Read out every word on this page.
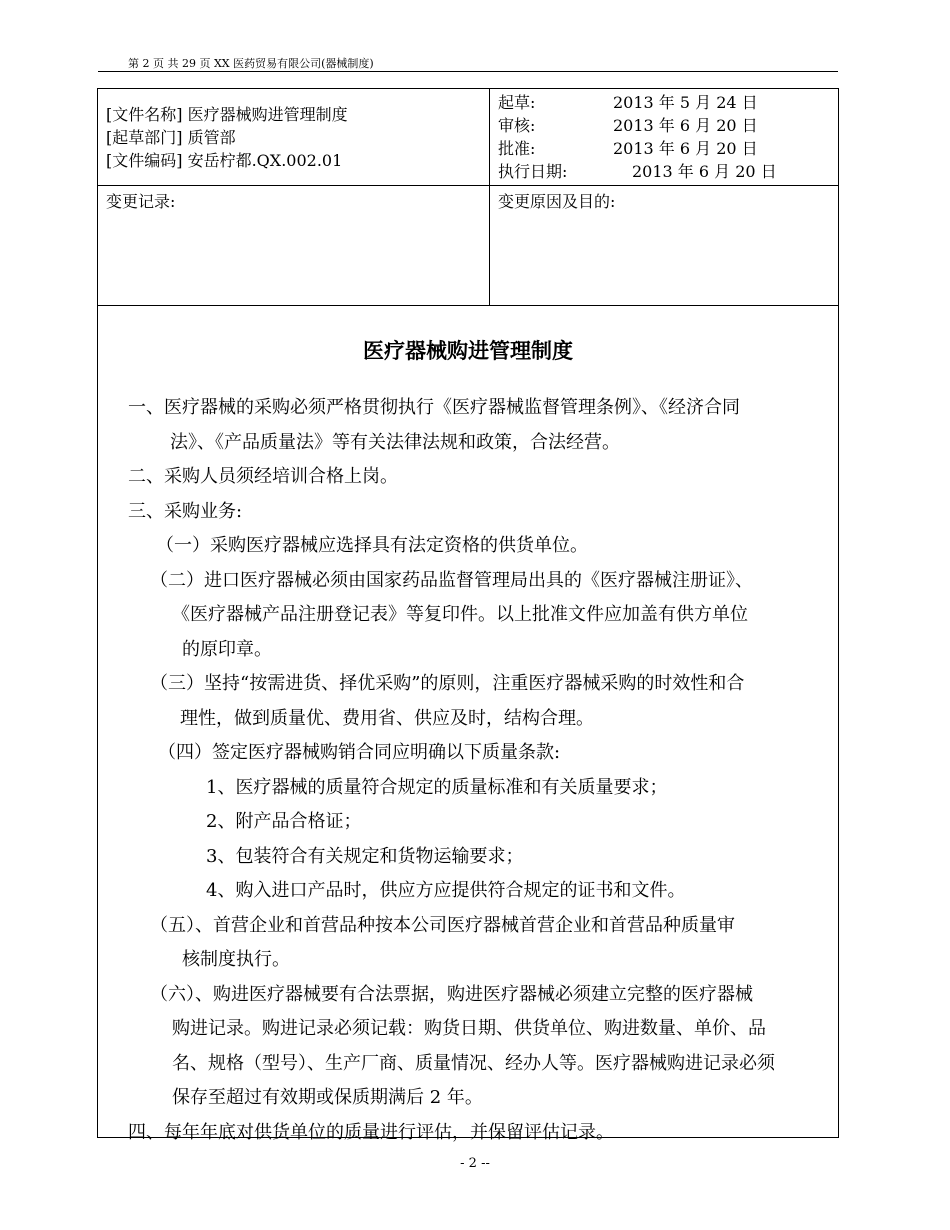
第 2 页 共 29 页 XX 医药贸易有限公司(器械制度)
[文件名称] 医疗器械购进管理制度
[起草部门] 质管部
[文件编码] 安岳柠都.QX.002.01
起草:	2013 年 5 月 24 日
审核:	2013 年 6 月 20 日
批准:	2013 年 6 月 20 日
执行日期:	2013 年 6 月 20 日
变更记录:	变更原因及目的:
医疗器械购进管理制度
一、医疗器械的采购必须严格贯彻执行《医疗器械监督管理条例》、《经济合同
法》、《产品质量法》等有关法律法规和政策，合法经营。
二、采购人员须经培训合格上岗。
三、采购业务:
（一）采购医疗器械应选择具有法定资格的供货单位。
（二）进口医疗器械必须由国家药品监督管理局出具的《医疗器械注册证》、
《医疗器械产品注册登记表》等复印件。以上批准文件应加盖有供方单位
的原印章。
（三）坚持“按需进货、择优采购”的原则，注重医疗器械采购的时效性和合
理性，做到质量优、费用省、供应及时，结构合理。
（四）签定医疗器械购销合同应明确以下质量条款:
1、医疗器械的质量符合规定的质量标准和有关质量要求；
2、附产品合格证；
3、包装符合有关规定和货物运输要求；
4、购入进口产品时，供应方应提供符合规定的证书和文件。
（五）、首营企业和首营品种按本公司医疗器械首营企业和首营品种质量审
核制度执行。
（六）、购进医疗器械要有合法票据，购进医疗器械必须建立完整的医疗器械
购进记录。购进记录必须记载：购货日期、供货单位、购进数量、单价、品
名、规格（型号）、生产厂商、质量情况、经办人等。医疗器械购进记录必须
保存至超过有效期或保质期满后 2 年。
四、每年年底对供货单位的质量进行评估，并保留评估记录。
- 2 --
